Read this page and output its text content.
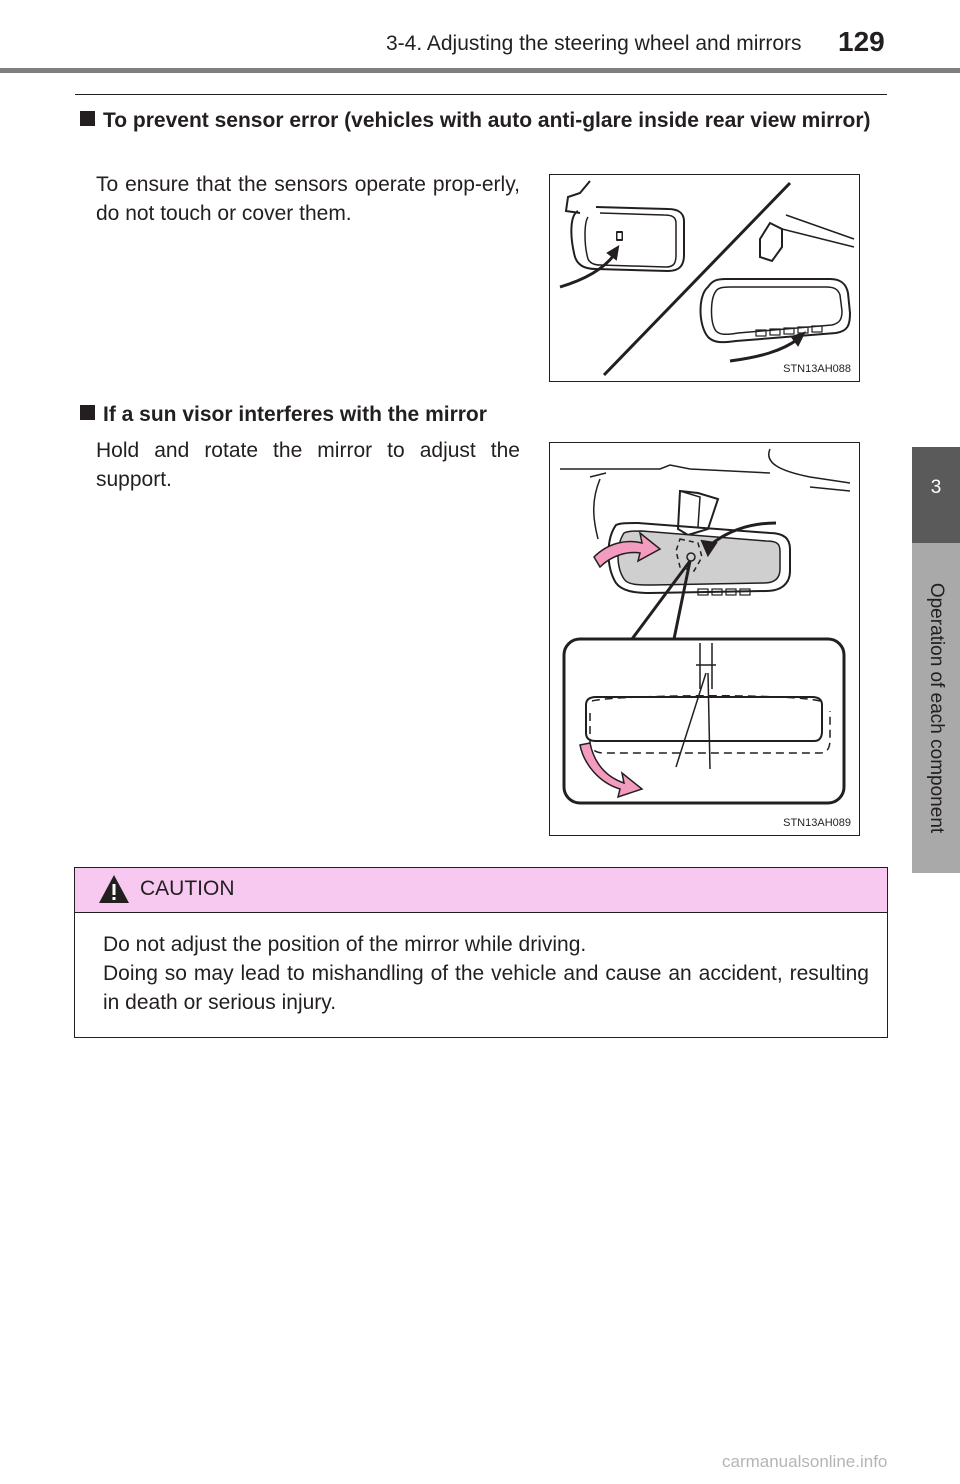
3-4. Adjusting the steering wheel and mirrors 129
3
Operation of each component
To prevent sensor error (vehicles with auto anti-glare inside rear view mirror)
To ensure that the sensors operate prop-erly, do not touch or cover them.
STN13AH088
If a sun visor interferes with the mirror
Hold and rotate the mirror to adjust the support.
STN13AH089
CAUTION

Do not adjust the position of the mirror while driving.

Doing so may lead to mishandling of the vehicle and cause an accident, resulting in death or serious injury.

carmanualsonline.info
